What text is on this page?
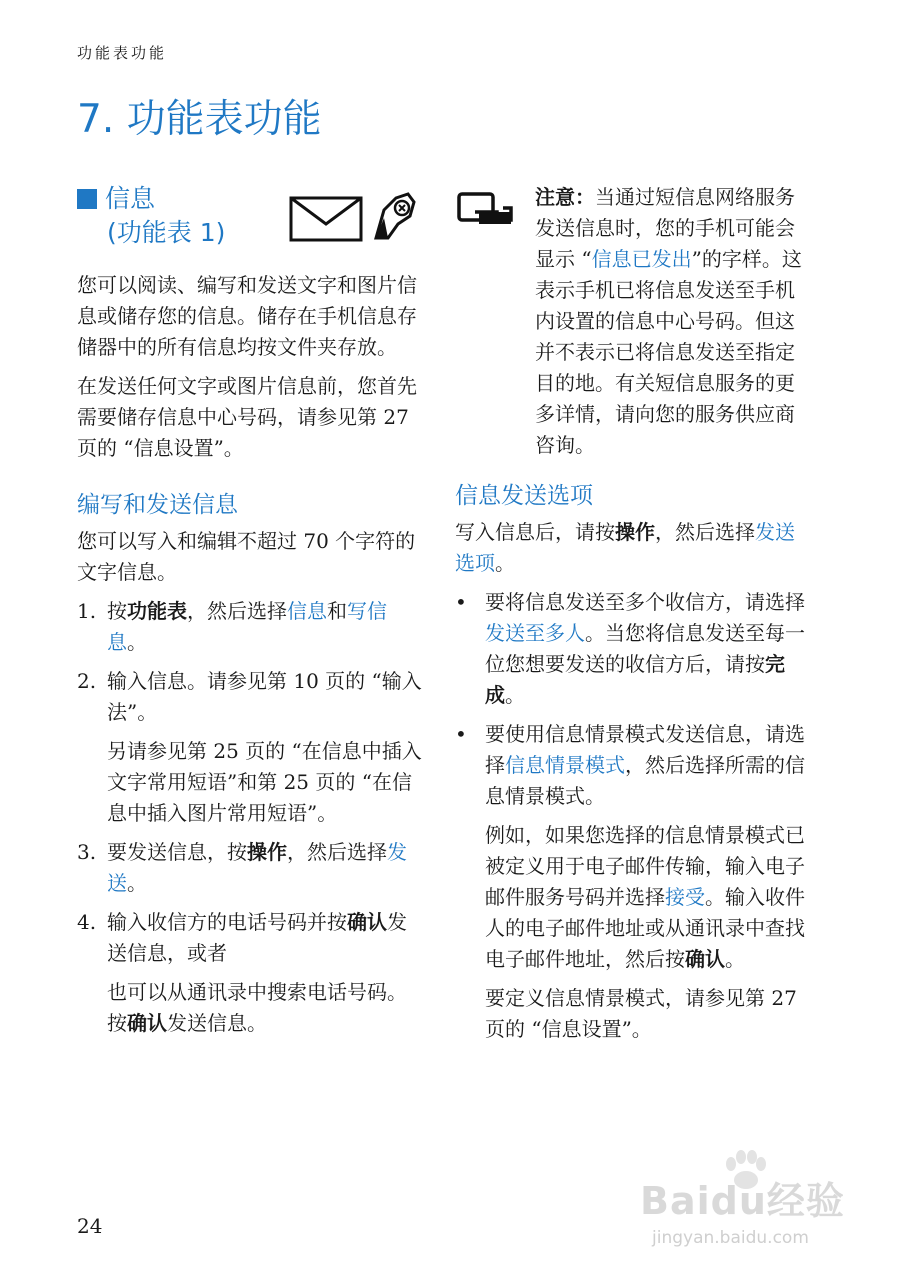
功能表功能
7. 功能表功能
信息
(功能表 1)

您可以阅读、编写和发送文字和图片信息或储存您的信息。储存在手机信息存储器中的所有信息均按文件夹存放。

在发送任何文字或图片信息前，您首先需要储存信息中心号码，请参见第 27 页的 “信息设置”。

编写和发送信息

您可以写入和编辑不超过 70 个字符的文字信息。

1. 按功能表，然后选择信息和写信息。

2. 输入信息。请参见第 10 页的 “输入法”。

另请参见第 25 页的 “在信息中插入文字常用短语”和第 25 页的 “在信息中插入图片常用短语”。

3. 要发送信息，按操作，然后选择发送。

4. 输入收信方的电话号码并按确认发送信息，或者

也可以从通讯录中搜索电话号码。按确认发送信息。

注意：当通过短信息网络服务发送信息时，您的手机可能会显示 “信息已发出”的字样。这表示手机已将信息发送至手机内设置的信息中心号码。但这并不表示已将信息发送至指定目的地。有关短信息服务的更多详情，请向您的服务供应商咨询。

信息发送选项

写入信息后，请按操作，然后选择发送选项。

• 要将信息发送至多个收信方，请选择发送至多人。当您将信息发送至每一位您想要发送的收信方后，请按完成。

• 要使用信息情景模式发送信息，请选择信息情景模式，然后选择所需的信息情景模式。

例如，如果您选择的信息情景模式已被定义用于电子邮件传输，输入电子邮件服务号码并选择接受。输入收件人的电子邮件地址或从通讯录中查找电子邮件地址，然后按确认。

要定义信息情景模式，请参见第 27 页的 “信息设置”。

24
Baidu经验
jingyan.baidu.com
